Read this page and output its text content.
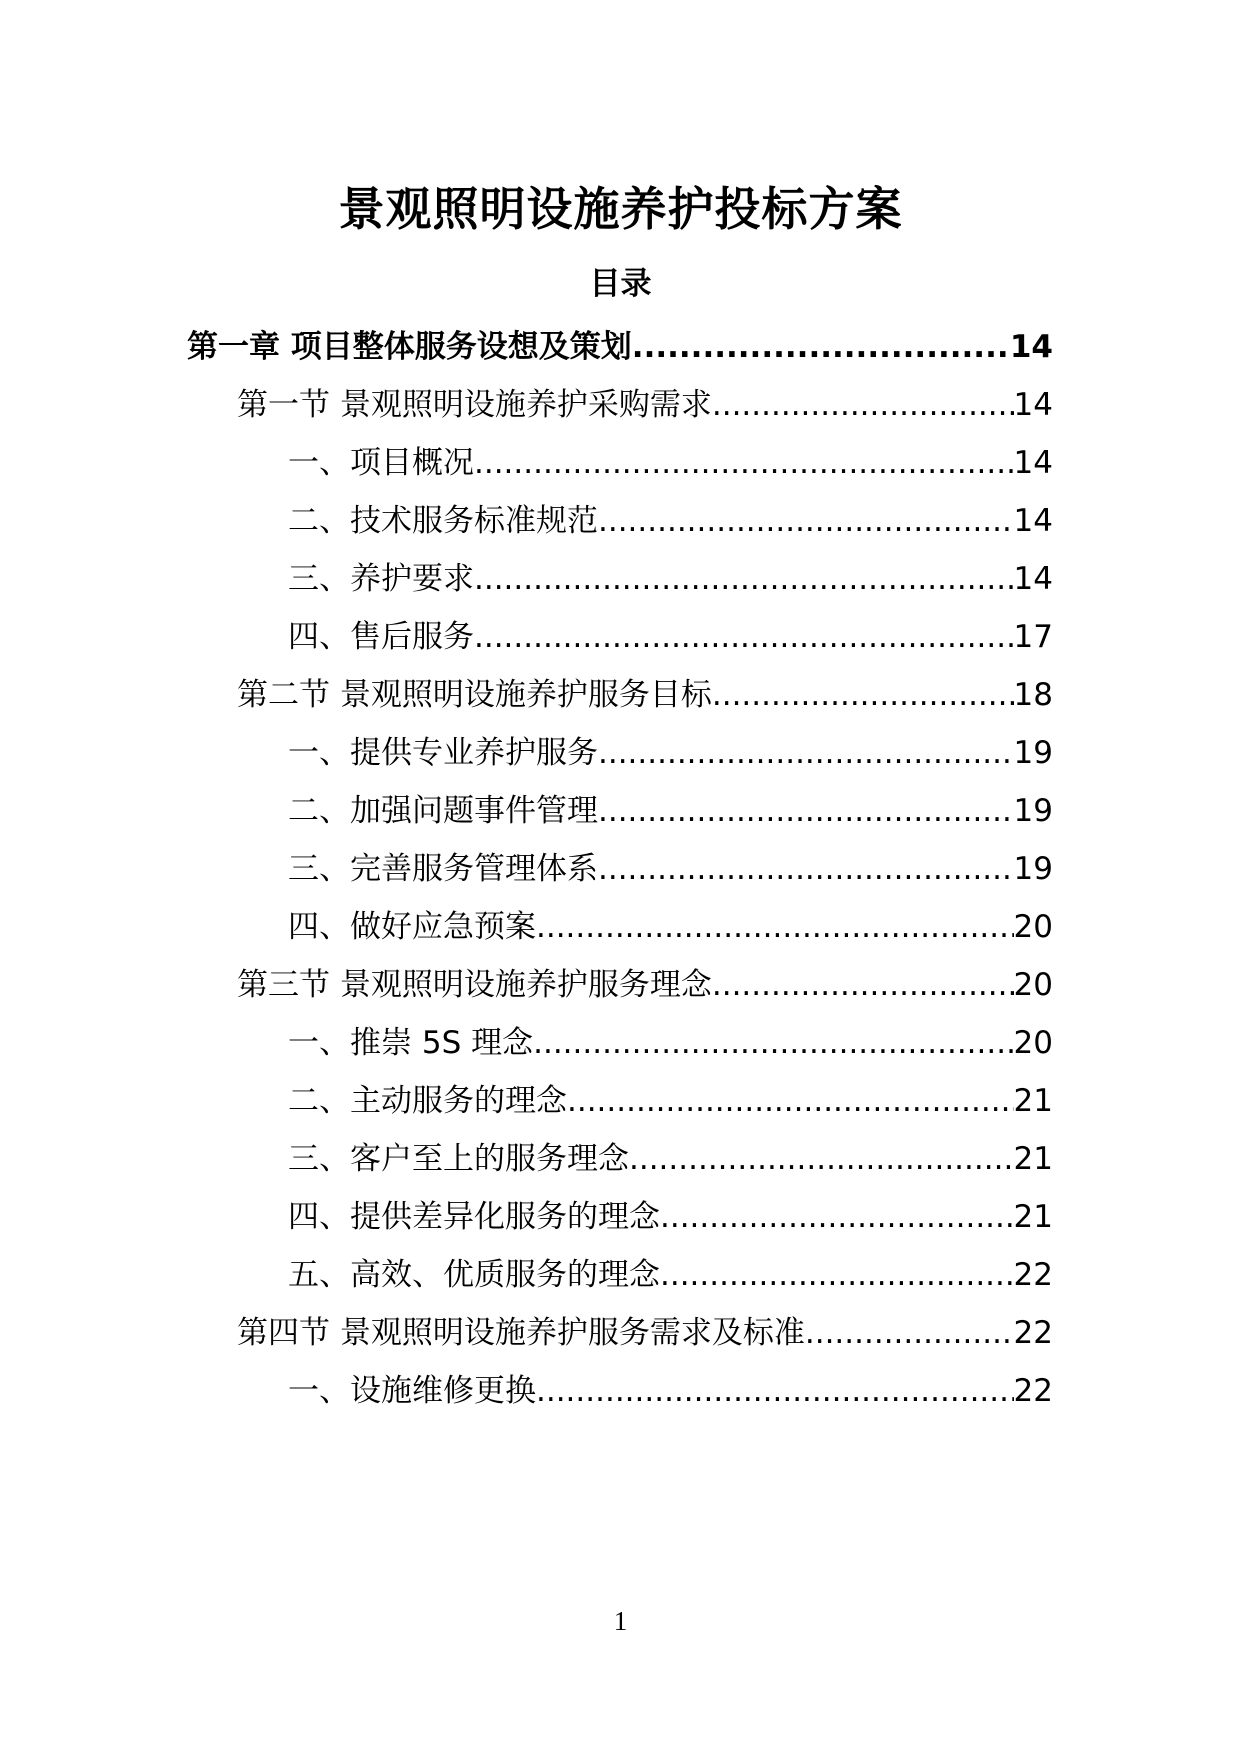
景观照明设施养护投标方案
目录
第一章 项目整体服务设想及策划 .....	14
第一节 景观照明设施养护采购需求 .....	14
一、项目概况 .....	14
二、技术服务标准规范 .....	14
三、养护要求 .....	14
四、售后服务 .....	17
第二节 景观照明设施养护服务目标 .....	18
一、提供专业养护服务 .....	19
二、加强问题事件管理 .....	19
三、完善服务管理体系 .....	19
四、做好应急预案 .....	20
第三节 景观照明设施养护服务理念 .....	20
一、推崇 5S 理念 .....	20
二、主动服务的理念 .....	21
三、客户至上的服务理念 .....	21
四、提供差异化服务的理念 .....	21
五、高效、优质服务的理念 .....	22
第四节 景观照明设施养护服务需求及标准 .....	22
一、设施维修更换 .....	22
1
